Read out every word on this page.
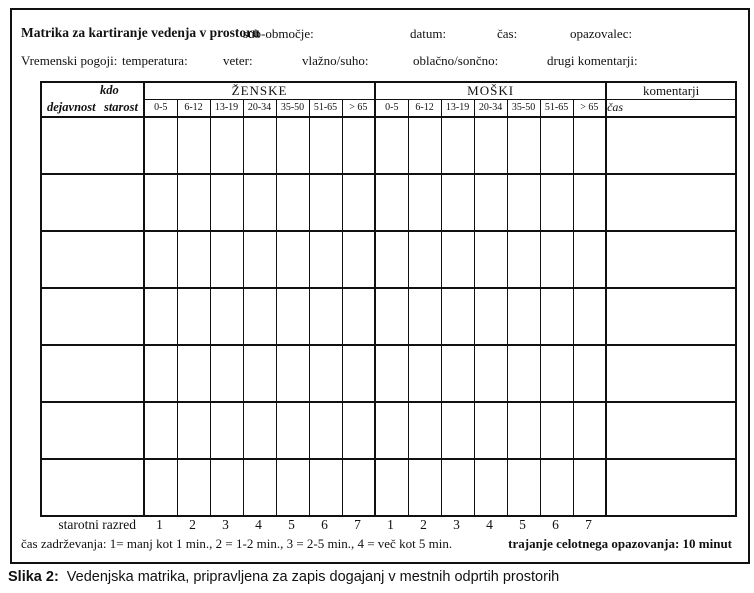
Matrika za kartiranje vedenja v prostoru
sub-območje:	datum:	čas:	opazovalec:
Vremenski pogoji: temperatura:	veter:	vlažno/suho:	oblačno/sončno:	drugi komentarji:
kdo
dejavnost starost	ŽENSKE							MOŠKI							komentarji
	0-5	6-12	13-19	20-34	35-50	51-65	> 65	0-5	6-12	13-19	20-34	35-50	51-65	> 65	čas

starotni razred	1	2	3	4	5	6	7	1	2	3	4	5	6	7
čas zadrževanja: 1= manj kot 1 min., 2 = 1-2 min., 3 = 2-5 min., 4 = več kot 5 min.	trajanje celotnega opazovanja: 10 minut
Slika 2: Vedenjska matrika, pripravljena za zapis dogajanj v mestnih odprtih prostorih
